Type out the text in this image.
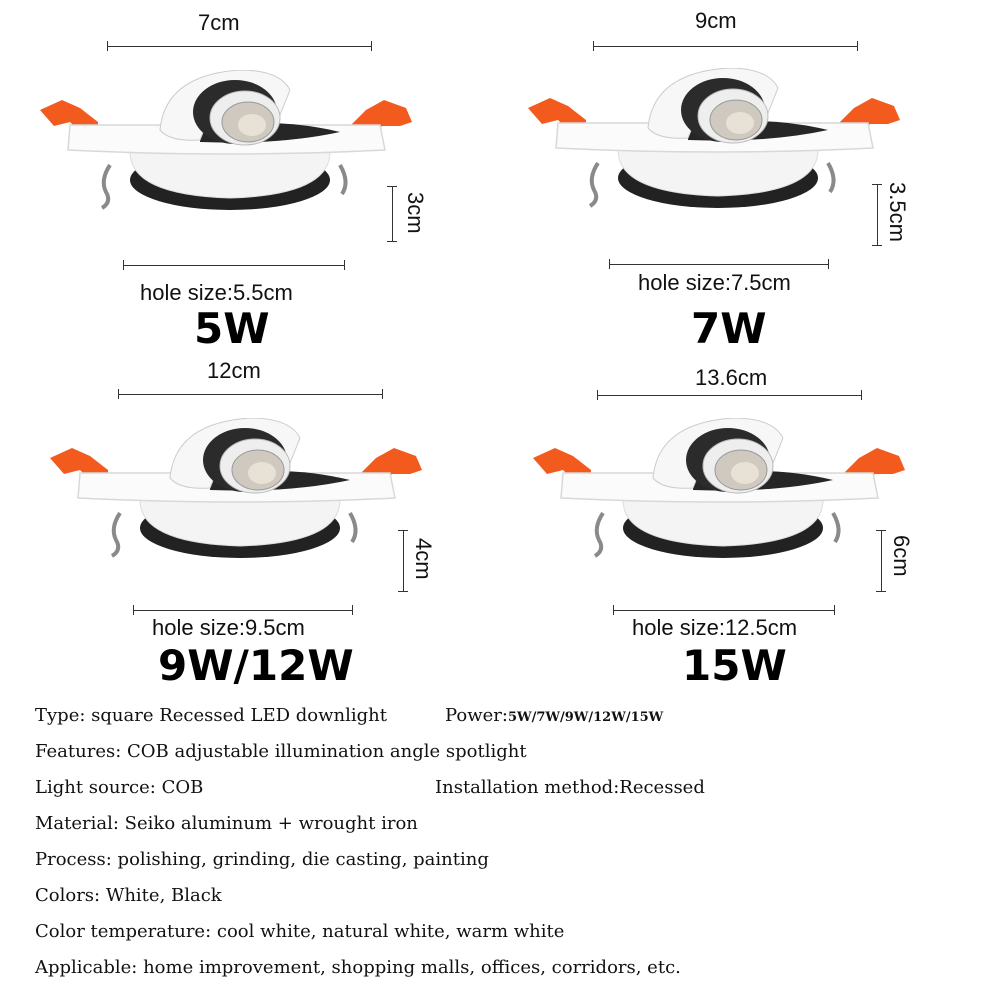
7cm
3cm
hole size:5.5cm
5W
9cm
3.5cm
hole size:7.5cm
7W
12cm
4cm
hole size:9.5cm
9W/12W
13.6cm
6cm
hole size:12.5cm
15W
Type: square Recessed LED downlight	Power:5W/7W/9W/12W/15W
Features: COB adjustable illumination angle spotlight
Light source: COB	Installation method:Recessed
Material: Seiko aluminum + wrought iron
Process: polishing, grinding, die casting, painting
Colors: White, Black
Color temperature: cool white, natural white, warm white
Applicable: home improvement, shopping malls, offices, corridors, etc.
